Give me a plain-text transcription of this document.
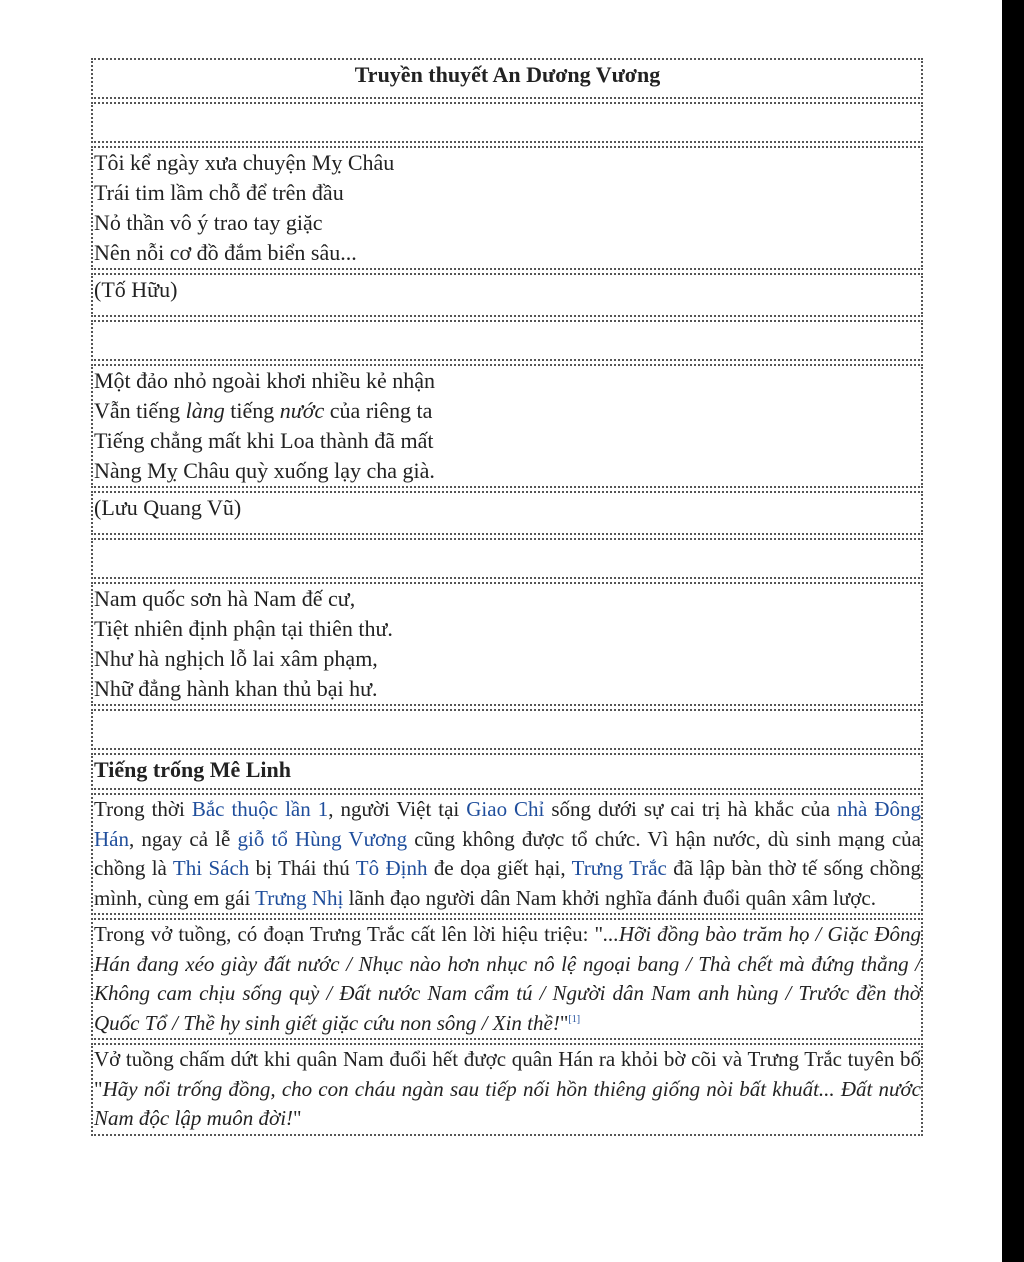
Truyền thuyết An Dương Vương
Tôi kể ngày xưa chuyện Mỵ Châu
Trái tim lầm chỗ để trên đầu
Nỏ thần vô ý trao tay giặc
Nên nỗi cơ đồ đắm biển sâu...
(Tố Hữu)
Một đảo nhỏ ngoài khơi nhiều kẻ nhận
Vẫn tiếng làng tiếng nước của riêng ta
Tiếng chẳng mất khi Loa thành đã mất
Nàng Mỵ Châu quỳ xuống lạy cha già.
(Lưu Quang Vũ)
Nam quốc sơn hà Nam đế cư,
Tiệt nhiên định phận tại thiên thư.
Như hà nghịch lỗ lai xâm phạm,
Nhữ đẳng hành khan thủ bại hư.
Tiếng trống Mê Linh
Trong thời Bắc thuộc lần 1, người Việt tại Giao Chỉ sống dưới sự cai trị hà khắc của nhà Đông Hán, ngay cả lễ giỗ tổ Hùng Vương cũng không được tổ chức. Vì hận nước, dù sinh mạng của chồng là Thi Sách bị Thái thú Tô Định đe dọa giết hại, Trưng Trắc đã lập bàn thờ tế sống chồng mình, cùng em gái Trưng Nhị lãnh đạo người dân Nam khởi nghĩa đánh đuổi quân xâm lược.
Trong vở tuồng, có đoạn Trưng Trắc cất lên lời hiệu triệu: "...Hỡi đồng bào trăm họ / Giặc Đông Hán đang xéo giày đất nước / Nhục nào hơn nhục nô lệ ngoại bang / Thà chết mà đứng thẳng / Không cam chịu sống quỳ / Đất nước Nam cẩm tú / Người dân Nam anh hùng / Trước đền thờ Quốc Tổ / Thề hy sinh giết giặc cứu non sông / Xin thề!"[1]
Vở tuồng chấm dứt khi quân Nam đuổi hết được quân Hán ra khỏi bờ cõi và Trưng Trắc tuyên bố "Hãy nổi trống đồng, cho con cháu ngàn sau tiếp nối hồn thiêng giống nòi bất khuất... Đất nước Nam độc lập muôn đời!"
